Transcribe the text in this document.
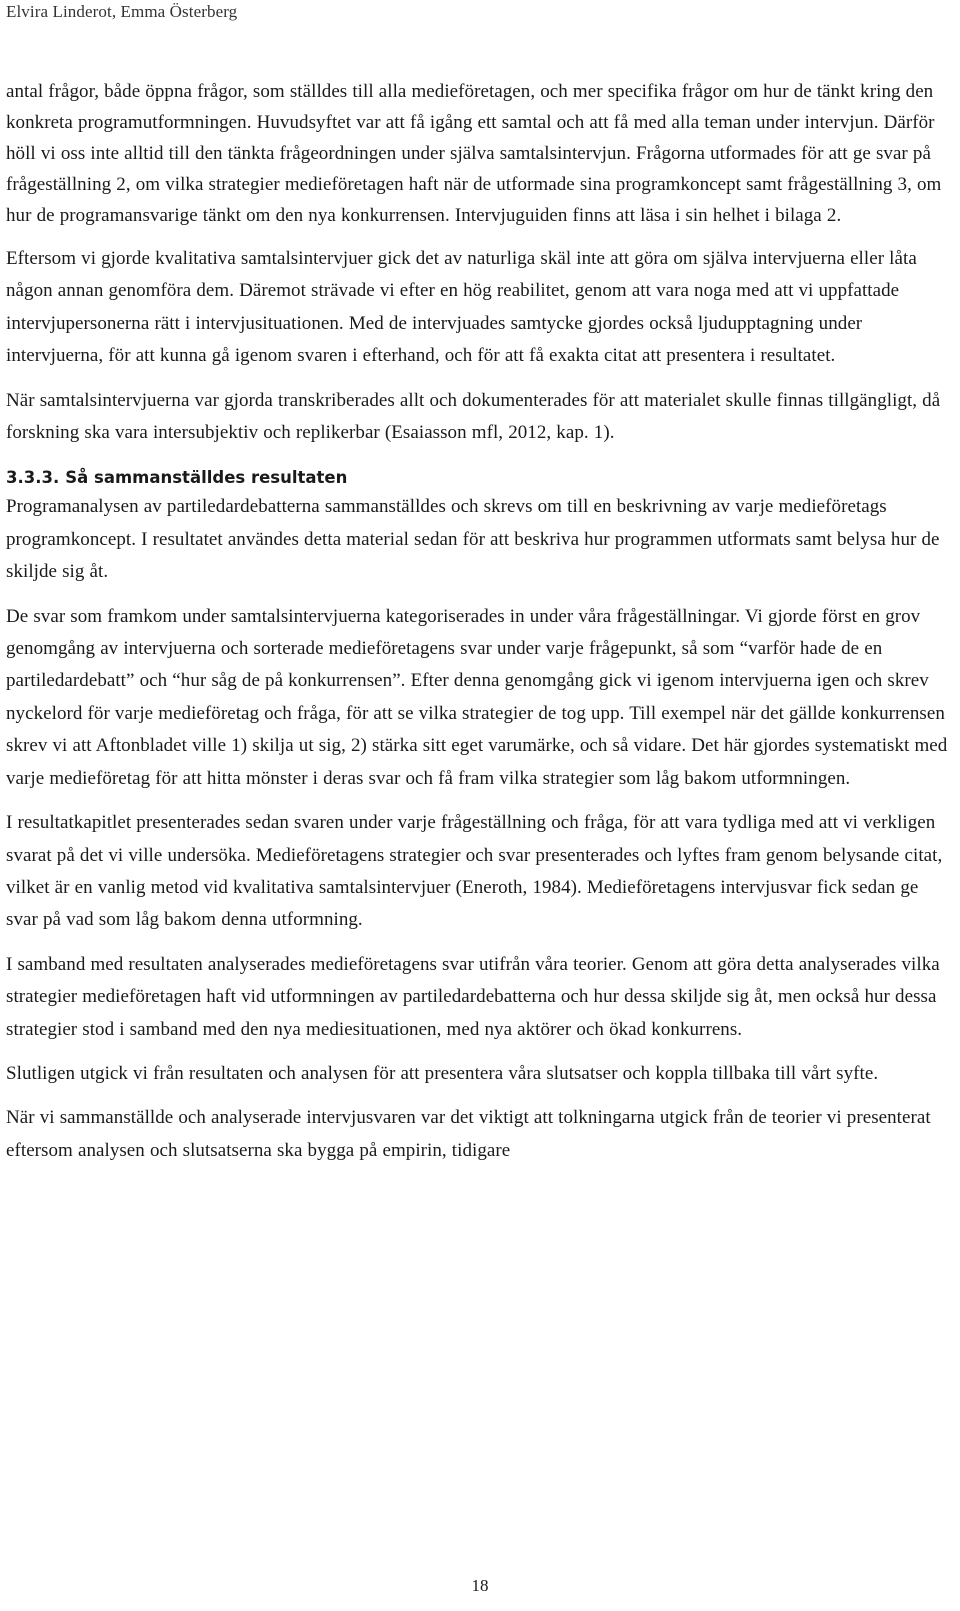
Elvira Linderot, Emma Österberg

antal frågor, både öppna frågor, som ställdes till alla medieföretagen, och mer specifika frågor om hur de tänkt kring den konkreta programutformningen. Huvudsyftet var att få igång ett samtal och att få med alla teman under intervjun. Därför höll vi oss inte alltid till den tänkta frågeordningen under själva samtalsintervjun. Frågorna utformades för att ge svar på frågeställning 2, om vilka strategier medieföretagen haft när de utformade sina programkoncept samt frågeställning 3, om hur de programansvarige tänkt om den nya konkurrensen. Intervjuguiden finns att läsa i sin helhet i bilaga 2.

Eftersom vi gjorde kvalitativa samtalsintervjuer gick det av naturliga skäl inte att göra om själva intervjuerna eller låta någon annan genomföra dem. Däremot strävade vi efter en hög reabilitet, genom att vara noga med att vi uppfattade intervjupersonerna rätt i intervjusituationen. Med de intervjuades samtycke gjordes också ljudupptagning under intervjuerna, för att kunna gå igenom svaren i efterhand, och för att få exakta citat att presentera i resultatet.

När samtalsintervjuerna var gjorda transkriberades allt och dokumenterades för att materialet skulle finnas tillgängligt, då forskning ska vara intersubjektiv och replikerbar (Esaiasson mfl, 2012, kap. 1).

3.3.3. Så sammanställdes resultaten

Programanalysen av partiledardebatterna sammanställdes och skrevs om till en beskrivning av varje medieföretags programkoncept. I resultatet användes detta material sedan för att beskriva hur programmen utformats samt belysa hur de skiljde sig åt.

De svar som framkom under samtalsintervjuerna kategoriserades in under våra frågeställningar. Vi gjorde först en grov genomgång av intervjuerna och sorterade medieföretagens svar under varje frågepunkt, så som “varför hade de en partiledardebatt” och “hur såg de på konkurrensen”. Efter denna genomgång gick vi igenom intervjuerna igen och skrev nyckelord för varje medieföretag och fråga, för att se vilka strategier de tog upp. Till exempel när det gällde konkurrensen skrev vi att Aftonbladet ville 1) skilja ut sig, 2) stärka sitt eget varumärke, och så vidare. Det här gjordes systematiskt med varje medieföretag för att hitta mönster i deras svar och få fram vilka strategier som låg bakom utformningen.

I resultatkapitlet presenterades sedan svaren under varje frågeställning och fråga, för att vara tydliga med att vi verkligen svarat på det vi ville undersöka. Medieföretagens strategier och svar presenterades och lyftes fram genom belysande citat, vilket är en vanlig metod vid kvalitativa samtalsintervjuer (Eneroth, 1984). Medieföretagens intervjusvar fick sedan ge svar på vad som låg bakom denna utformning.

I samband med resultaten analyserades medieföretagens svar utifrån våra teorier. Genom att göra detta analyserades vilka strategier medieföretagen haft vid utformningen av partiledardebatterna och hur dessa skiljde sig åt, men också hur dessa strategier stod i samband med den nya mediesituationen, med nya aktörer och ökad konkurrens.

Slutligen utgick vi från resultaten och analysen för att presentera våra slutsatser och koppla tillbaka till vårt syfte.

När vi sammanställde och analyserade intervjusvaren var det viktigt att tolkningarna utgick från de teorier vi presenterat eftersom analysen och slutsatserna ska bygga på empirin, tidigare

18
